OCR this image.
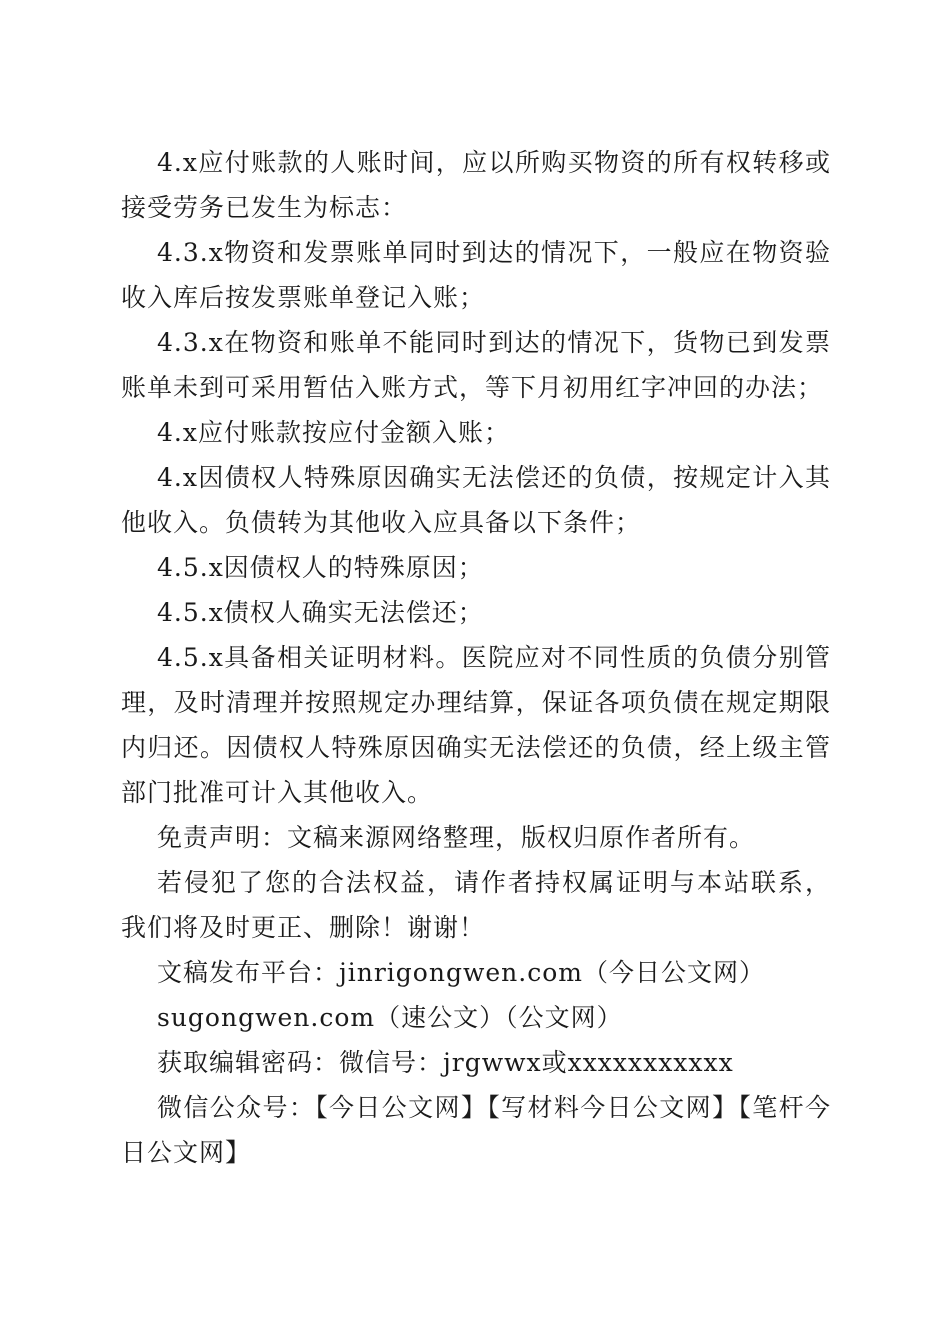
4.x应付账款的人账时间，应以所购买物资的所有权转移或接受劳务已发生为标志：

4.3.x物资和发票账单同时到达的情况下，一般应在物资验收入库后按发票账单登记入账；

4.3.x在物资和账单不能同时到达的情况下，货物已到发票账单未到可采用暂估入账方式，等下月初用红字冲回的办法；

4.x应付账款按应付金额入账；

4.x因债权人特殊原因确实无法偿还的负债，按规定计入其他收入。负债转为其他收入应具备以下条件；

4.5.x因债权人的特殊原因；

4.5.x债权人确实无法偿还；

4.5.x具备相关证明材料。医院应对不同性质的负债分别管理，及时清理并按照规定办理结算，保证各项负债在规定期限内归还。因债权人特殊原因确实无法偿还的负债，经上级主管部门批准可计入其他收入。

免责声明：文稿来源网络整理，版权归原作者所有。

若侵犯了您的合法权益，请作者持权属证明与本站联系，我们将及时更正、删除！谢谢！

文稿发布平台：jinrigongwen.com（今日公文网）

sugongwen.com（速公文）（公文网）

获取编辑密码：微信号：jrgwwx或xxxxxxxxxxx

微信公众号：【今日公文网】【写材料今日公文网】【笔杆今日公文网】
